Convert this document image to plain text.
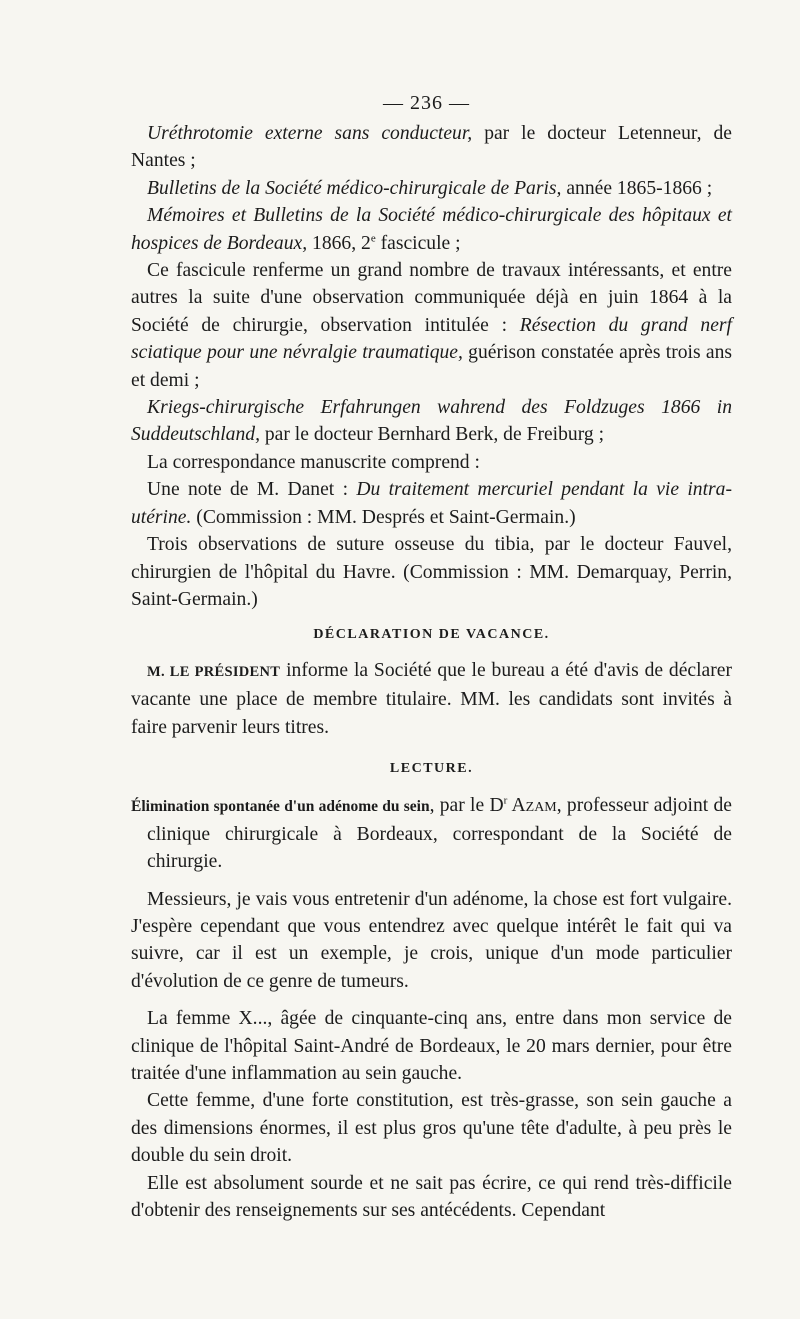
— 236 —

Uréthrotomie externe sans conducteur, par le docteur Letenneur, de Nantes ;

Bulletins de la Société médico-chirurgicale de Paris, année 1865-1866 ;

Mémoires et Bulletins de la Société médico-chirurgicale des hôpitaux et hospices de Bordeaux, 1866, 2e fascicule ;

Ce fascicule renferme un grand nombre de travaux intéressants, et entre autres la suite d'une observation communiquée déjà en juin 1864 à la Société de chirurgie, observation intitulée : Résection du grand nerf sciatique pour une névralgie traumatique, guérison constatée après trois ans et demi ;

Kriegs-chirurgische Erfahrungen wahrend des Foldzuges 1866 in Suddeutschland, par le docteur Bernhard Berk, de Freiburg ;

La correspondance manuscrite comprend :

Une note de M. Danet : Du traitement mercuriel pendant la vie intra-utérine. (Commission : MM. Després et Saint-Germain.)

Trois observations de suture osseuse du tibia, par le docteur Fauvel, chirurgien de l'hôpital du Havre. (Commission : MM. Demarquay, Perrin, Saint-Germain.)

DÉCLARATION DE VACANCE.

M. LE PRÉSIDENT informe la Société que le bureau a été d'avis de déclarer vacante une place de membre titulaire. MM. les candidats sont invités à faire parvenir leurs titres.

LECTURE.

Élimination spontanée d'un adénome du sein, par le $D^r$ Azam, professeur adjoint de clinique chirurgicale à Bordeaux, correspondant de la Société de chirurgie.

Messieurs, je vais vous entretenir d'un adénome, la chose est fort vulgaire. J'espère cependant que vous entendrez avec quelque intérêt le fait qui va suivre, car il est un exemple, je crois, unique d'un mode particulier d'évolution de ce genre de tumeurs.

La femme X..., âgée de cinquante-cinq ans, entre dans mon service de clinique de l'hôpital Saint-André de Bordeaux, le 20 mars dernier, pour être traitée d'une inflammation au sein gauche.

Cette femme, d'une forte constitution, est très-grasse, son sein gauche a des dimensions énormes, il est plus gros qu'une tête d'adulte, à peu près le double du sein droit.

Elle est absolument sourde et ne sait pas écrire, ce qui rend très-difficile d'obtenir des renseignements sur ses antécédents. Cependant
